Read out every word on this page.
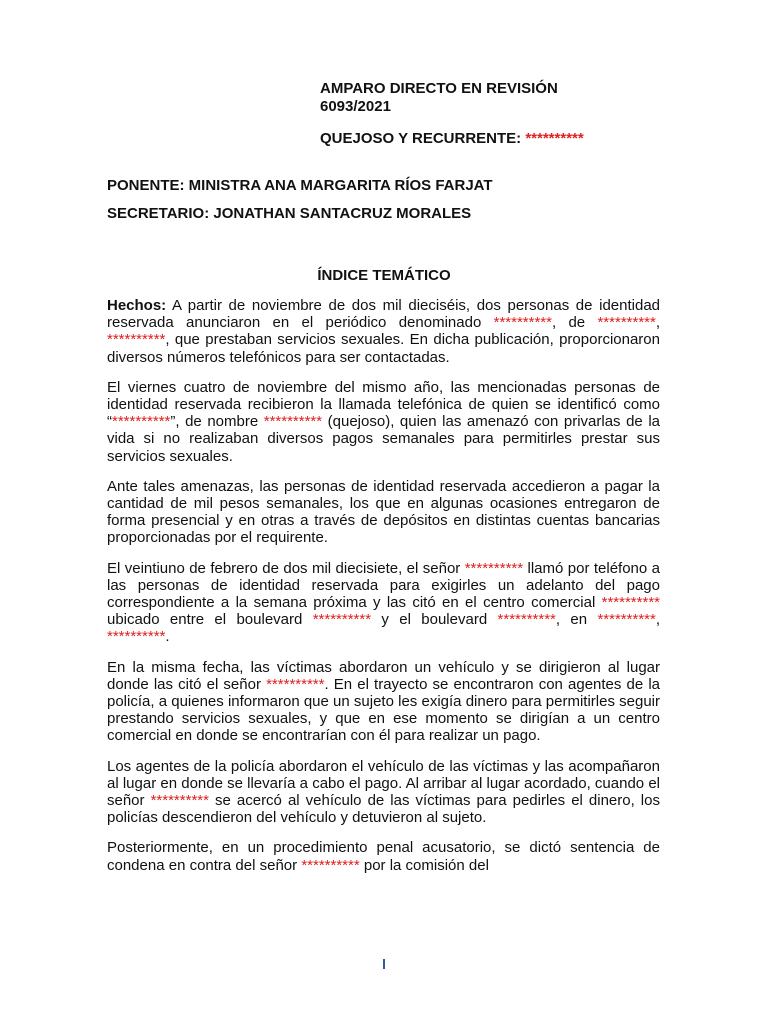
AMPARO DIRECTO EN REVISIÓN
6093/2021
QUEJOSO Y RECURRENTE: **********
PONENTE: MINISTRA ANA MARGARITA RÍOS FARJAT
SECRETARIO: JONATHAN SANTACRUZ MORALES
ÍNDICE TEMÁTICO

Hechos: A partir de noviembre de dos mil dieciséis, dos personas de identidad reservada anunciaron en el periódico denominado **********, de **********, **********, que prestaban servicios sexuales. En dicha publicación, proporcionaron diversos números telefónicos para ser contactadas.

El viernes cuatro de noviembre del mismo año, las mencionadas personas de identidad reservada recibieron la llamada telefónica de quien se identificó como “**********”, de nombre ********** (quejoso), quien las amenazó con privarlas de la vida si no realizaban diversos pagos semanales para permitirles prestar sus servicios sexuales.

Ante tales amenazas, las personas de identidad reservada accedieron a pagar la cantidad de mil pesos semanales, los que en algunas ocasiones entregaron de forma presencial y en otras a través de depósitos en distintas cuentas bancarias proporcionadas por el requirente.

El veintiuno de febrero de dos mil diecisiete, el señor ********** llamó por teléfono a las personas de identidad reservada para exigirles un adelanto del pago correspondiente a la semana próxima y las citó en el centro comercial ********** ubicado entre el boulevard ********** y el boulevard **********, en **********, **********.

En la misma fecha, las víctimas abordaron un vehículo y se dirigieron al lugar donde las citó el señor **********. En el trayecto se encontraron con agentes de la policía, a quienes informaron que un sujeto les exigía dinero para permitirles seguir prestando servicios sexuales, y que en ese momento se dirigían a un centro comercial en donde se encontrarían con él para realizar un pago.

Los agentes de la policía abordaron el vehículo de las víctimas y las acompañaron al lugar en donde se llevaría a cabo el pago. Al arribar al lugar acordado, cuando el señor ********** se acercó al vehículo de las víctimas para pedirles el dinero, los policías descendieron del vehículo y detuvieron al sujeto.

Posteriormente, en un procedimiento penal acusatorio, se dictó sentencia de condena en contra del señor ********** por la comisión del
